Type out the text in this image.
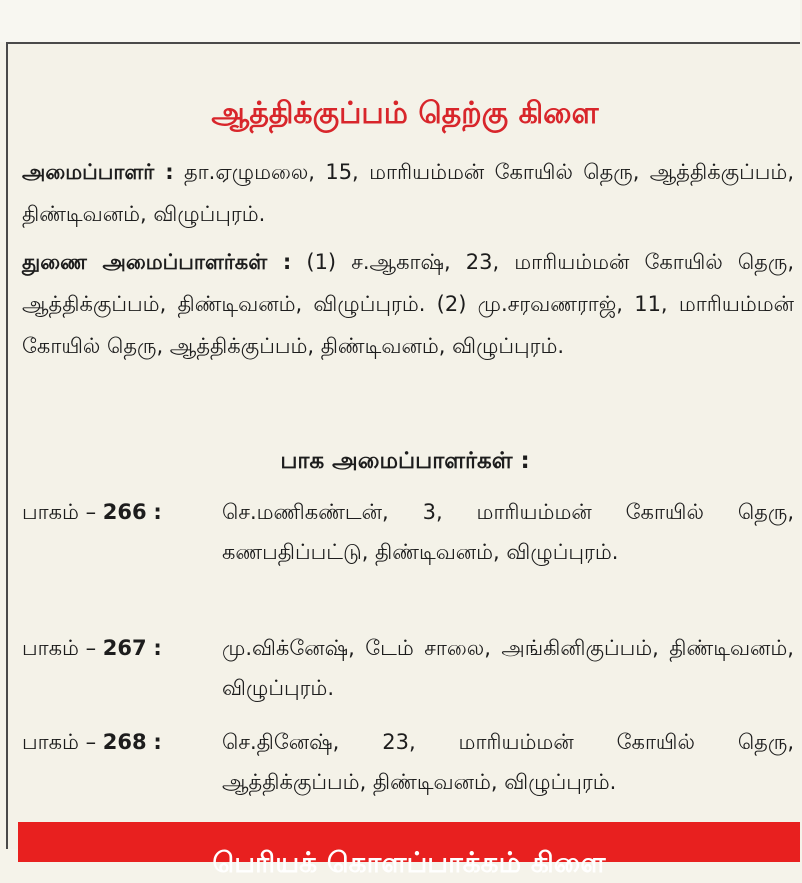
ஆத்திக்குப்பம் தெற்கு கிளை
அமைப்பாளர் : தா.ஏழுமலை, 15, மாரியம்மன் கோயில் தெரு, ஆத்திக்குப்பம், திண்டிவனம், விழுப்புரம்.
துணை அமைப்பாளர்கள் : (1) ச.ஆகாஷ், 23, மாரியம்மன் கோயில் தெரு, ஆத்திக்குப்பம், திண்டிவனம், விழுப்புரம். (2) மு.சரவணராஜ், 11, மாரியம்மன் கோயில் தெரு, ஆத்திக்குப்பம், திண்டிவனம், விழுப்புரம்.
பாக அமைப்பாளர்கள் :
பாகம் – 266 :	செ.மணிகண்டன், 3, மாரியம்மன் கோயில் தெரு, கணபதிப்பட்டு, திண்டிவனம், விழுப்புரம்.
பாகம் – 267 :	மு.விக்னேஷ், டேம் சாலை, அங்கினிகுப்பம், திண்டிவனம், விழுப்புரம்.
பாகம் – 268 :	செ.தினேஷ், 23, மாரியம்மன் கோயில் தெரு, ஆத்திக்குப்பம், திண்டிவனம், விழுப்புரம்.
பெரியக் கொளப்பாக்கம் கிளை
